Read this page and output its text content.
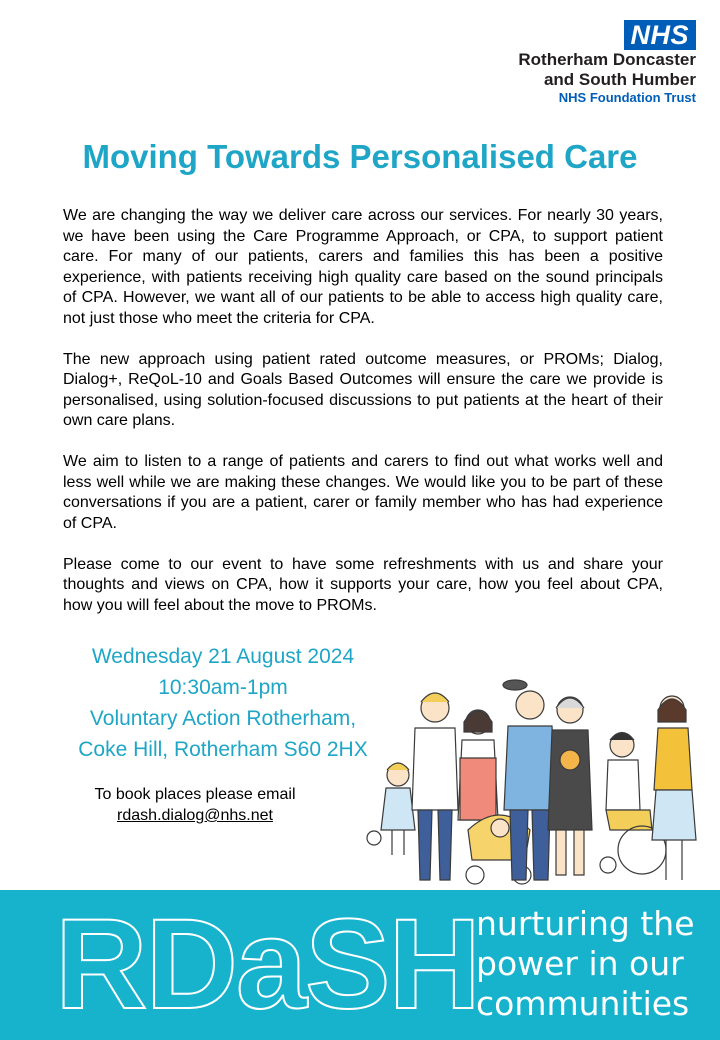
NHS
Rotherham Doncaster
and South Humber
NHS Foundation Trust
Moving Towards Personalised Care

We are changing the way we deliver care across our services. For nearly 30 years, we have been using the Care Programme Approach, or CPA, to support patient care. For many of our patients, carers and families this has been a positive experience, with patients receiving high quality care based on the sound principals of CPA. However, we want all of our patients to be able to access high quality care, not just those who meet the criteria for CPA.

The new approach using patient rated outcome measures, or PROMs; Dialog, Dialog+, ReQoL-10 and Goals Based Outcomes will ensure the care we provide is personalised, using solution-focused discussions to put patients at the heart of their own care plans.

We aim to listen to a range of patients and carers to find out what works well and less well while we are making these changes. We would like you to be part of these conversations if you are a patient, carer or family member who has had experience of CPA.

Please come to our event to have some refreshments with us and share your thoughts and views on CPA, how it supports your care, how you feel about CPA, how you will feel about the move to PROMs.

Wednesday 21 August 2024
10:30am-1pm
Voluntary Action Rotherham,
Coke Hill, Rotherham S60 2HX
To book places please email
rdash.dialog@nhs.net
RDaSH
nurturing the
power in our
communities
